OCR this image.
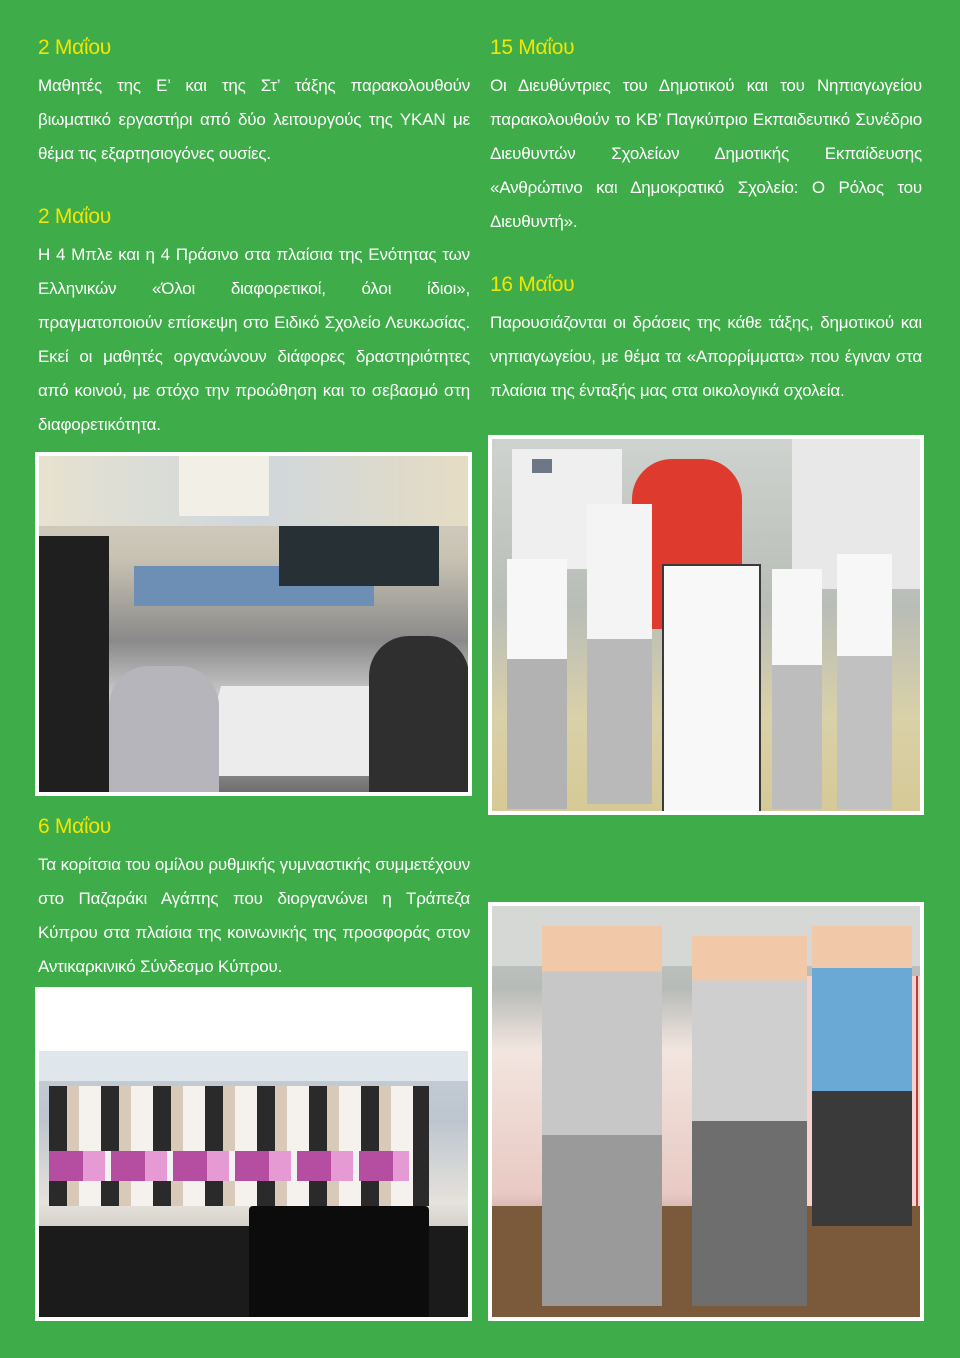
2 Μαΐου

Μαθητές της Ε’ και της Στ’ τάξης παρακολουθούν βιωματικό εργαστήρι από δύο λειτουργούς της ΥΚΑΝ με θέμα τις εξαρτησιογόνες ουσίες.

2 Μαΐου

Η 4 Μπλε και η 4 Πράσινο στα πλαίσια της Ενότητας των Ελληνικών «Όλοι διαφορετικοί, όλοι ίδιοι», πραγματοποιούν επίσκεψη στο Ειδικό Σχολείο Λευκωσίας. Εκεί οι μαθητές οργανώνουν διάφορες δραστηριότητες από κοινού, με στόχο την προώθηση και το σεβασμό στη διαφορετικότητα.

15 Μαΐου

Οι Διευθύντριες του Δημοτικού και του Νηπιαγωγείου παρακολουθούν το ΚΒ’ Παγκύπριο Εκπαιδευτικό Συνέδριο Διευθυντών Σχολείων Δημοτικής Εκπαίδευσης «Ανθρώπινο και Δημοκρατικό Σχολείο: Ο Ρόλος του Διευθυντή».

16 Μαΐου

Παρουσιάζονται οι δράσεις της κάθε τάξης, δημοτικού και νηπιαγωγείου, με θέμα τα «Απορρίμματα» που έγιναν στα πλαίσια της ένταξής μας στα οικολογικά σχολεία.

6 Μαΐου

Τα κορίτσια του ομίλου ρυθμικής γυμναστικής συμμετέχουν στο Παζαράκι Αγάπης που διοργανώνει η Τράπεζα Κύπρου στα πλαίσια της κοινωνικής της προσφοράς στον Αντικαρκινικό Σύνδεσμο Κύπρου.
